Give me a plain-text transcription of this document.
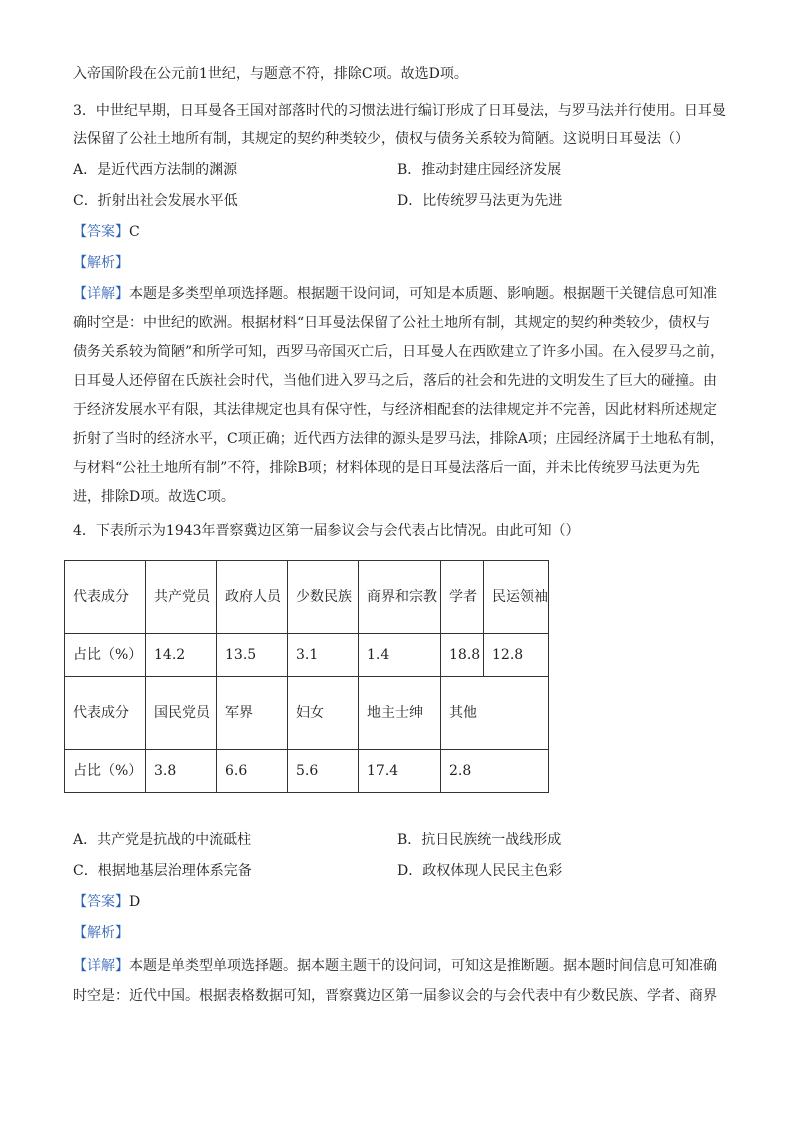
入帝国阶段在公元前1世纪，与题意不符，排除C项。故选D项。
3．中世纪早期，日耳曼各王国对部落时代的习惯法进行编订形成了日耳曼法，与罗马法并行使用。日耳曼
法保留了公社土地所有制，其规定的契约种类较少，债权与债务关系较为简陋。这说明日耳曼法（）
A．是近代西方法制的渊源	B．推动封建庄园经济发展
C．折射出社会发展水平低	D．比传统罗马法更为先进
【答案】C
【解析】
【详解】本题是多类型单项选择题。根据题干设问词，可知是本质题、影响题。根据题干关键信息可知准
确时空是：中世纪的欧洲。根据材料“日耳曼法保留了公社土地所有制，其规定的契约种类较少，债权与
债务关系较为简陋”和所学可知，西罗马帝国灭亡后，日耳曼人在西欧建立了许多小国。在入侵罗马之前，
日耳曼人还停留在氏族社会时代，当他们进入罗马之后，落后的社会和先进的文明发生了巨大的碰撞。由
于经济发展水平有限，其法律规定也具有保守性，与经济相配套的法律规定并不完善，因此材料所述规定
折射了当时的经济水平，C项正确；近代西方法律的源头是罗马法，排除A项；庄园经济属于土地私有制，
与材料“公社土地所有制”不符，排除B项；材料体现的是日耳曼法落后一面，并未比传统罗马法更为先
进，排除D项。故选C项。
4．下表所示为1943年晋察冀边区第一届参议会与会代表占比情况。由此可知（）
代表成分	共产党员	政府人员	少数民族	商界和宗教	学者	民运领袖
占比（%）	14.2	13.5	3.1	1.4	18.8	12.8
代表成分	国民党员	军界	妇女	地主士绅	其他	
占比（%）	3.8	6.6	5.6	17.4	2.8	
A．共产党是抗战的中流砥柱	B．抗日民族统一战线形成
C．根据地基层治理体系完备	D．政权体现人民民主色彩
【答案】D
【解析】
【详解】本题是单类型单项选择题。据本题主题干的设问词，可知这是推断题。据本题时间信息可知准确
时空是：近代中国。根据表格数据可知，晋察冀边区第一届参议会的与会代表中有少数民族、学者、商界
